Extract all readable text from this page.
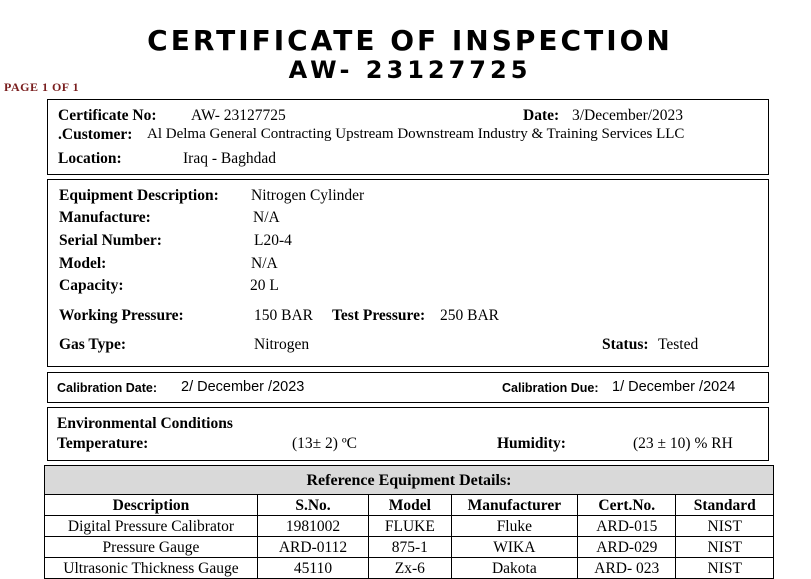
CERTIFICATE OF INSPECTION
AW- 23127725
PAGE 1 OF 1
Certificate No: AW- 23127725	Date: 3/December/2023
.Customer: Al Delma General Contracting Upstream Downstream Industry & Training Services LLC
Location:	Iraq - Baghdad
Equipment Description: Nitrogen Cylinder
Manufacture:	N/A
Serial Number:	L20-4
Model:	N/A
Capacity:	20 L
Working Pressure:	150 BAR Test Pressure: 250 BAR
Gas Type:	Nitrogen	Status: Tested
Calibration Date: 2/ December /2023	Calibration Due: 1/ December /2024
Environmental Conditions
Temperature:	(13± 2) ºC	Humidity:	(23 ± 10) % RH
Reference Equipment Details:					
Description	S.No.	Model	Manufacturer	Cert.No.	Standard
Digital Pressure Calibrator	1981002	FLUKE	Fluke	ARD-015	NIST
Pressure Gauge	ARD-0112	875-1	WIKA	ARD-029	NIST
Ultrasonic Thickness Gauge	45110	Zx-6	Dakota	ARD- 023	NIST
